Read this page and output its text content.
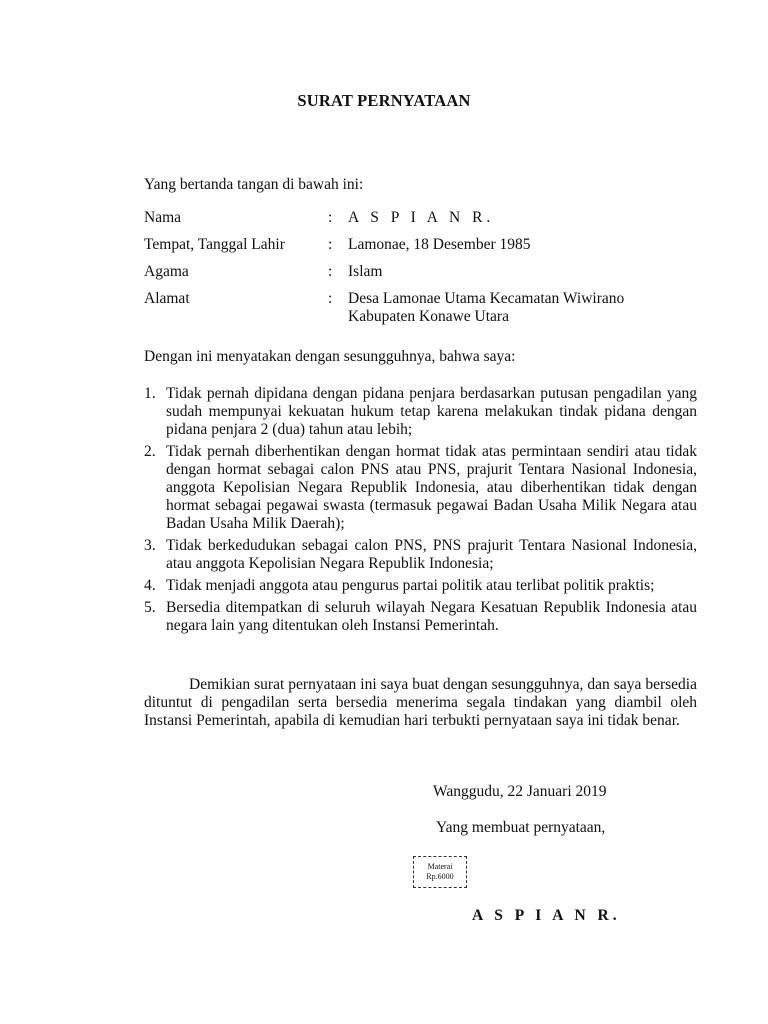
SURAT PERNYATAAN
Yang bertanda tangan di bawah ini:
Nama	:	A S P I A N R.
Tempat, Tanggal Lahir	:	Lamonae, 18 Desember 1985
Agama	:	Islam
Alamat	:	Desa Lamonae Utama Kecamatan Wiwirano Kabupaten Konawe Utara
Dengan ini menyatakan dengan sesungguhnya, bahwa saya:
1. Tidak pernah dipidana dengan pidana penjara berdasarkan putusan pengadilan yang sudah mempunyai kekuatan hukum tetap karena melakukan tindak pidana dengan pidana penjara 2 (dua) tahun atau lebih;
2. Tidak pernah diberhentikan dengan hormat tidak atas permintaan sendiri atau tidak dengan hormat sebagai calon PNS atau PNS, prajurit Tentara Nasional Indonesia, anggota Kepolisian Negara Republik Indonesia, atau diberhentikan tidak dengan hormat sebagai pegawai swasta (termasuk pegawai Badan Usaha Milik Negara atau Badan Usaha Milik Daerah);
3. Tidak berkedudukan sebagai calon PNS, PNS prajurit Tentara Nasional Indonesia, atau anggota Kepolisian Negara Republik Indonesia;
4. Tidak menjadi anggota atau pengurus partai politik atau terlibat politik praktis;
5. Bersedia ditempatkan di seluruh wilayah Negara Kesatuan Republik Indonesia atau negara lain yang ditentukan oleh Instansi Pemerintah.
Demikian surat pernyataan ini saya buat dengan sesungguhnya, dan saya bersedia dituntut di pengadilan serta bersedia menerima segala tindakan yang diambil oleh Instansi Pemerintah, apabila di kemudian hari terbukti pernyataan saya ini tidak benar.
Wanggudu, 22 Januari 2019
Yang membuat pernyataan,
Materai
Rp.6000
A S P I A N R.
